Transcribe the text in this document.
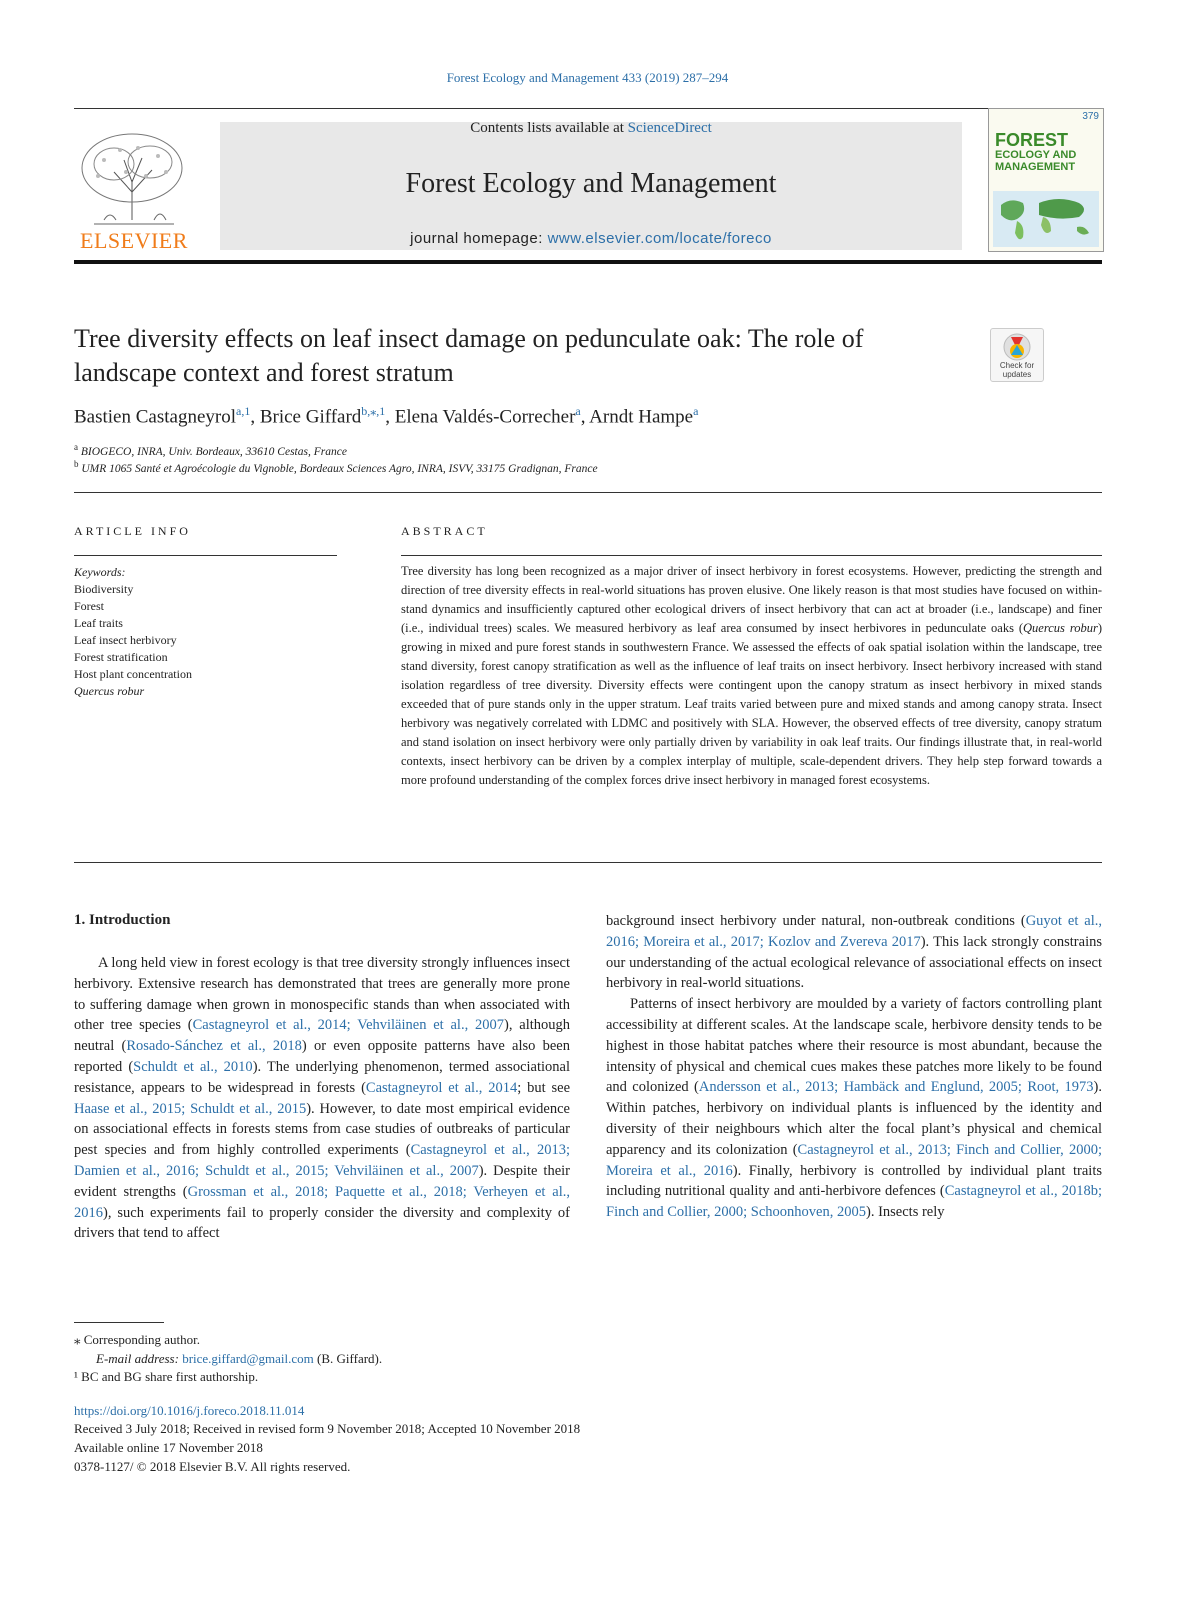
Forest Ecology and Management 433 (2019) 287–294
ELSEVIER
Contents lists available at ScienceDirect
Forest Ecology and Management
journal homepage: www.elsevier.com/locate/foreco
379
FOREST
ECOLOGY AND
MANAGEMENT
Tree diversity effects on leaf insect damage on pedunculate oak: The role of
landscape context and forest stratum	Check for
updates
Bastien Castagneyrol$^{a,1}$, Brice Giffard$^{b,⁎,1}$, Elena Valdés-Correcher$^a$, Arndt Hampe$^a$
$^a$ BIOGECO, INRA, Univ. Bordeaux, 33610 Cestas, France
$^b$ UMR 1065 Santé et Agroécologie du Vignoble, Bordeaux Sciences Agro, INRA, ISVV, 33175 Gradignan, France
ARTICLE INFO
Keywords:
Biodiversity
Forest
Leaf traits
Leaf insect herbivory
Forest stratification
Host plant concentration
Quercus robur
ABSTRACT
Tree diversity has long been recognized as a major driver of insect herbivory in forest ecosystems. However, predicting the strength and direction of tree diversity effects in real-world situations has proven elusive. One likely reason is that most studies have focused on within-stand dynamics and insufficiently captured other ecological drivers of insect herbivory that can act at broader (i.e., landscape) and finer (i.e., individual trees) scales. We measured herbivory as leaf area consumed by insect herbivores in pedunculate oaks (Quercus robur) growing in mixed and pure forest stands in southwestern France. We assessed the effects of oak spatial isolation within the landscape, tree stand diversity, forest canopy stratification as well as the influence of leaf traits on insect herbivory. Insect herbivory increased with stand isolation regardless of tree diversity. Diversity effects were contingent upon the canopy stratum as insect herbivory in mixed stands exceeded that of pure stands only in the upper stratum. Leaf traits varied between pure and mixed stands and among canopy strata. Insect herbivory was negatively correlated with LDMC and positively with SLA. However, the observed effects of tree diversity, canopy stratum and stand isolation on insect herbivory were only partially driven by variability in oak leaf traits. Our findings illustrate that, in real-world contexts, insect herbivory can be driven by a complex interplay of multiple, scale-dependent drivers. They help step forward towards a more profound understanding of the complex forces drive insect herbivory in managed forest ecosystems.
1. Introduction

A long held view in forest ecology is that tree diversity strongly influences insect herbivory. Extensive research has demonstrated that trees are generally more prone to suffering damage when grown in monospecific stands than when associated with other tree species (Castagneyrol et al., 2014; Vehviläinen et al., 2007), although neutral (Rosado-Sánchez et al., 2018) or even opposite patterns have also been reported (Schuldt et al., 2010). The underlying phenomenon, termed associational resistance, appears to be widespread in forests (Castagneyrol et al., 2014; but see Haase et al., 2015; Schuldt et al., 2015). However, to date most empirical evidence on associational effects in forests stems from case studies of outbreaks of particular pest species and from highly controlled experiments (Castagneyrol et al., 2013; Damien et al., 2016; Schuldt et al., 2015; Vehviläinen et al., 2007). Despite their evident strengths (Grossman et al., 2018; Paquette et al., 2018; Verheyen et al., 2016), such experiments fail to properly consider the diversity and complexity of drivers that tend to affect

background insect herbivory under natural, non-outbreak conditions (Guyot et al., 2016; Moreira et al., 2017; Kozlov and Zvereva 2017). This lack strongly constrains our understanding of the actual ecological relevance of associational effects on insect herbivory in real-world situations.

Patterns of insect herbivory are moulded by a variety of factors controlling plant accessibility at different scales. At the landscape scale, herbivore density tends to be highest in those habitat patches where their resource is most abundant, because the intensity of physical and chemical cues makes these patches more likely to be found and colonized (Andersson et al., 2013; Hambäck and Englund, 2005; Root, 1973). Within patches, herbivory on individual plants is influenced by the identity and diversity of their neighbours which alter the focal plant’s physical and chemical apparency and its colonization (Castagneyrol et al., 2013; Finch and Collier, 2000; Moreira et al., 2016). Finally, herbivory is controlled by individual plant traits including nutritional quality and anti-herbivore defences (Castagneyrol et al., 2018b; Finch and Collier, 2000; Schoonhoven, 2005). Insects rely

⁎ Corresponding author.
E-mail address: brice.giffard@gmail.com (B. Giffard).
¹ BC and BG share first authorship.
https://doi.org/10.1016/j.foreco.2018.11.014
Received 3 July 2018; Received in revised form 9 November 2018; Accepted 10 November 2018
Available online 17 November 2018
0378-1127/ © 2018 Elsevier B.V. All rights reserved.
